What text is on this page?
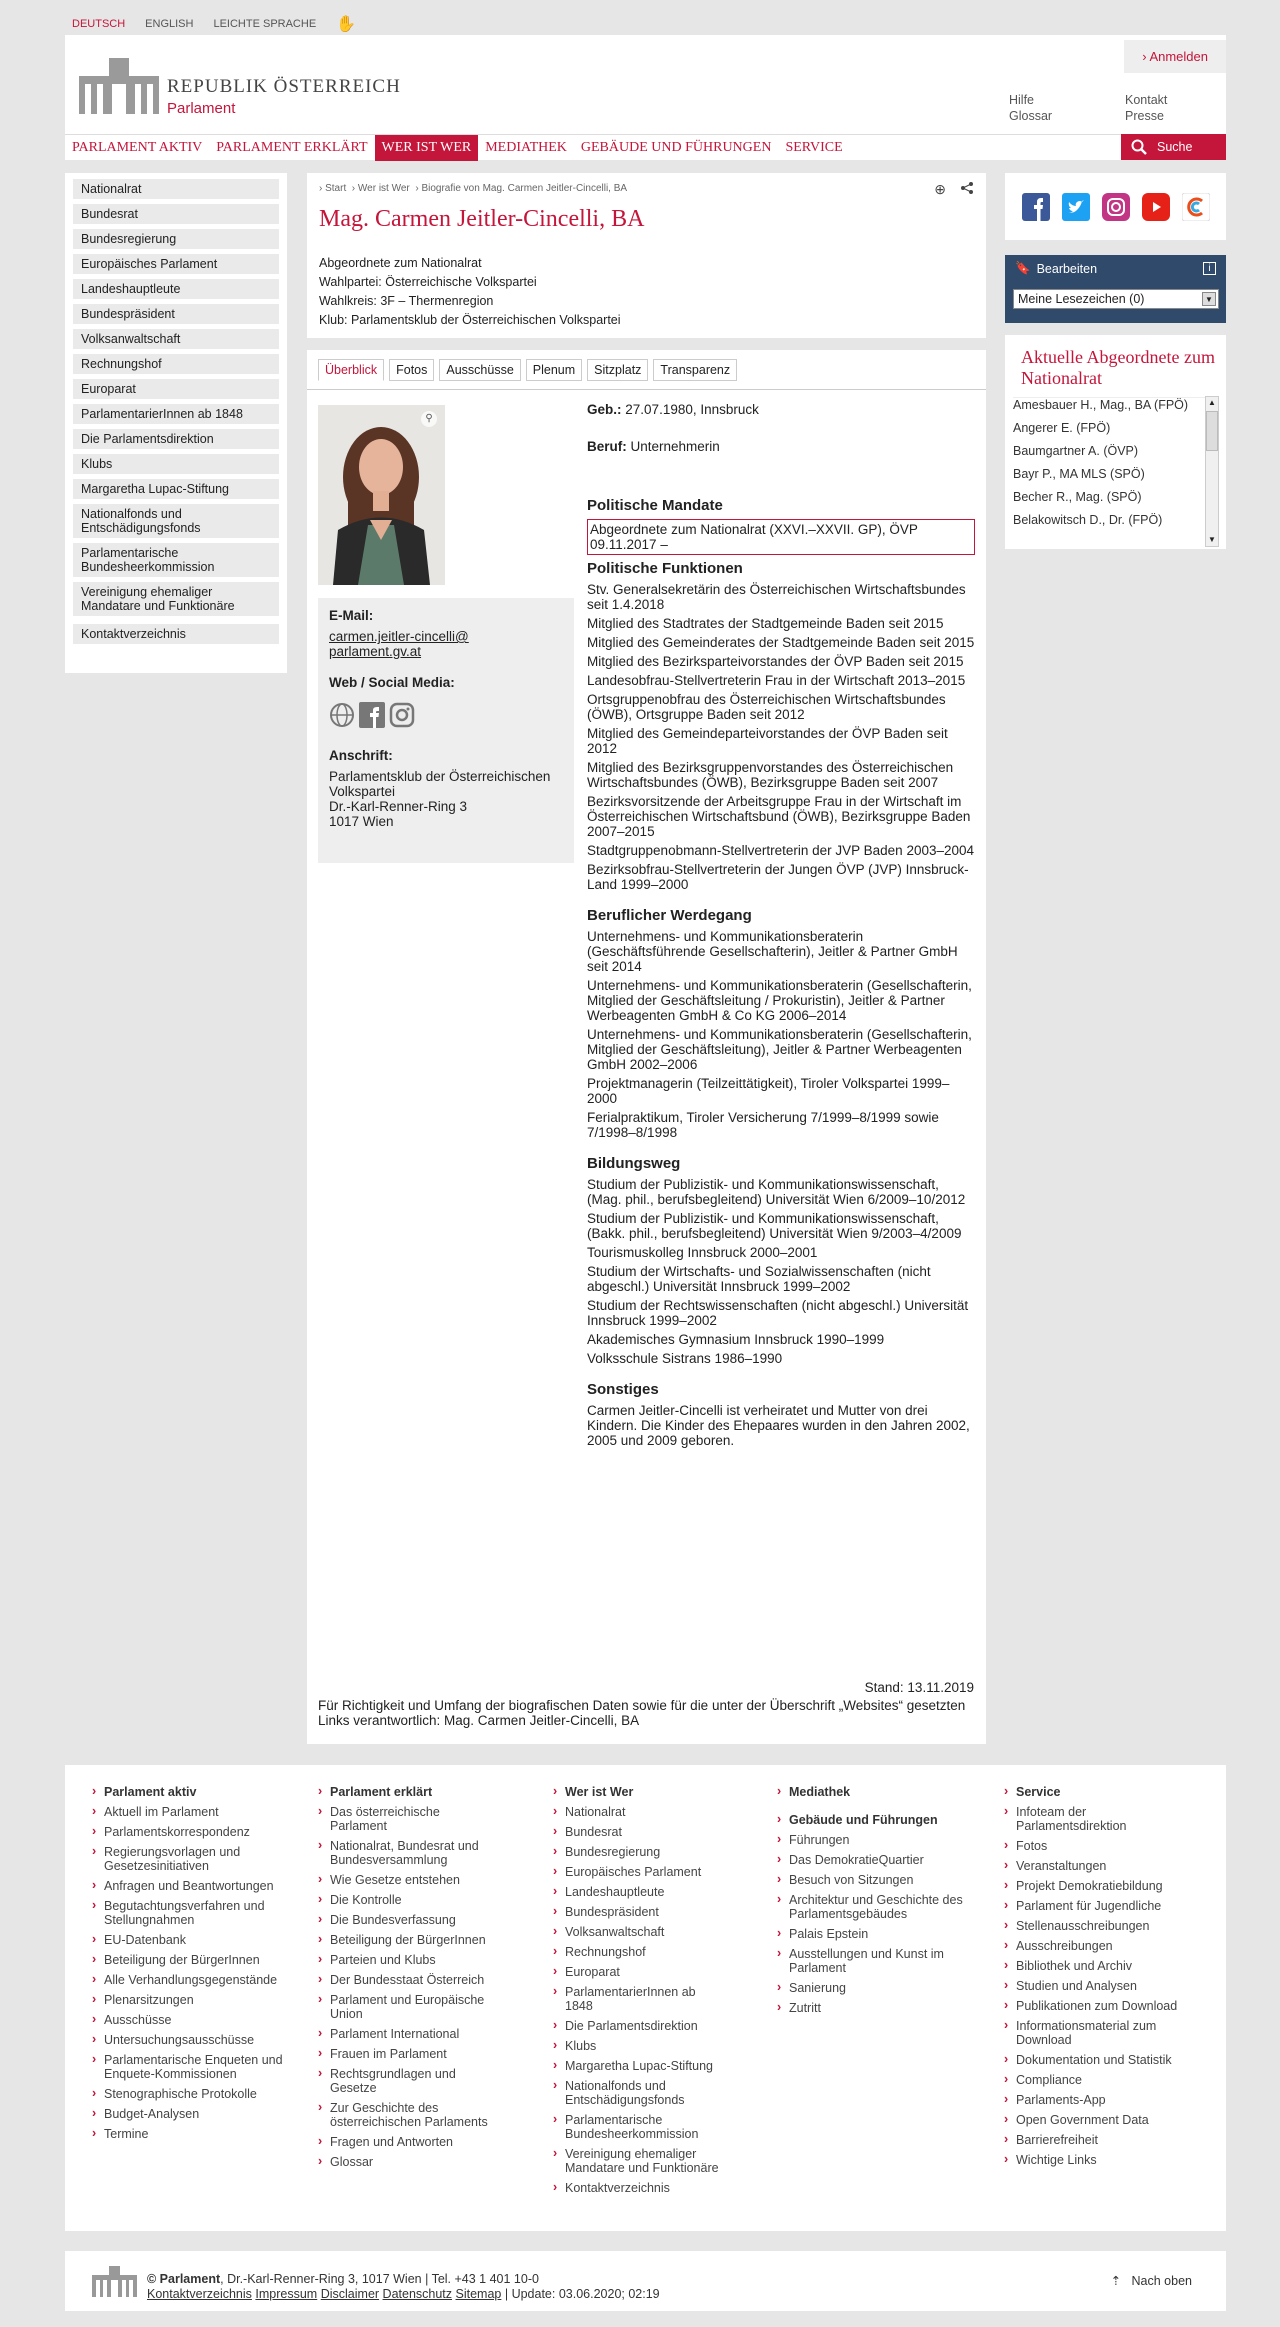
DEUTSCH ENGLISH LEICHTE SPRACHE ✋
REPUBLIK ÖSTERREICH
Parlament
› Anmelden
Hilfe	Kontakt
Glossar	Presse
PARLAMENT AKTIV	PARLAMENT ERKLÄRT	WER IST WER	MEDIATHEK	GEBÄUDE UND FÜHRUNGEN	SERVICE	Suche
Nationalrat
Bundesrat
Bundesregierung
Europäisches Parlament
Landeshauptleute
Bundespräsident
Volksanwaltschaft
Rechnungshof
Europarat
ParlamentarierInnen ab 1848
Die Parlamentsdirektion
Klubs
Margaretha Lupac-Stiftung
Nationalfonds und Entschädigungsfonds
Parlamentarische Bundesheerkommission
Vereinigung ehemaliger Mandatare und Funktionäre
Kontaktverzeichnis
› Start › Wer ist Wer › Biografie von Mag. Carmen Jeitler-Cincelli, BA	⊕
Mag. Carmen Jeitler-Cincelli, BA
Abgeordnete zum Nationalrat
Wahlpartei: Österreichische Volkspartei
Wahlkreis: 3F – Thermenregion
Klub: Parlamentsklub der Österreichischen Volkspartei
Überblick	Fotos	Ausschüsse	Plenum	Sitzplatz	Transparenz
⚲
E-Mail:

carmen.jeitler-cincelli@ parlament.gv.at

Web / Social Media:
Anschrift:

Parlamentsklub der Österreichischen Volkspartei

Dr.-Karl-Renner-Ring 3

1017 Wien

Geb.: 27.07.1980, Innsbruck
Beruf: Unternehmerin
Politische Mandate
Abgeordnete zum Nationalrat (XXVI.–XXVII. GP), ÖVP 09.11.2017 –
Politische Funktionen
Stv. Generalsekretärin des Österreichischen Wirtschaftsbundes seit 1.4.2018
Mitglied des Stadtrates der Stadtgemeinde Baden seit 2015
Mitglied des Gemeinderates der Stadtgemeinde Baden seit 2015
Mitglied des Bezirksparteivorstandes der ÖVP Baden seit 2015
Landesobfrau-Stellvertreterin Frau in der Wirtschaft 2013–2015
Ortsgruppenobfrau des Österreichischen Wirtschaftsbundes (ÖWB), Ortsgruppe Baden seit 2012
Mitglied des Gemeindeparteivorstandes der ÖVP Baden seit 2012
Mitglied des Bezirksgruppenvorstandes des Österreichischen Wirtschaftsbundes (ÖWB), Bezirksgruppe Baden seit 2007
Bezirksvorsitzende der Arbeitsgruppe Frau in der Wirtschaft im Österreichischen Wirtschaftsbund (ÖWB), Bezirksgruppe Baden 2007–2015
Stadtgruppenobmann-Stellvertreterin der JVP Baden 2003–2004
Bezirksobfrau-Stellvertreterin der Jungen ÖVP (JVP) Innsbruck-Land 1999–2000
Beruflicher Werdegang
Unternehmens- und Kommunikationsberaterin (Geschäftsführende Gesellschafterin), Jeitler & Partner GmbH seit 2014
Unternehmens- und Kommunikationsberaterin (Gesellschafterin, Mitglied der Geschäftsleitung / Prokuristin), Jeitler & Partner Werbeagenten GmbH & Co KG 2006–2014
Unternehmens- und Kommunikationsberaterin (Gesellschafterin, Mitglied der Geschäftsleitung), Jeitler & Partner Werbeagenten GmbH 2002–2006
Projektmanagerin (Teilzeittätigkeit), Tiroler Volkspartei 1999–2000
Ferialpraktikum, Tiroler Versicherung 7/1999–8/1999 sowie 7/1998–8/1998
Bildungsweg
Studium der Publizistik- und Kommunikationswissenschaft, (Mag. phil., berufsbegleitend) Universität Wien 6/2009–10/2012
Studium der Publizistik- und Kommunikationswissenschaft, (Bakk. phil., berufsbegleitend) Universität Wien 9/2003–4/2009
Tourismuskolleg Innsbruck 2000–2001
Studium der Wirtschafts- und Sozialwissenschaften (nicht abgeschl.) Universität Innsbruck 1999–2002
Studium der Rechtswissenschaften (nicht abgeschl.) Universität Innsbruck 1999–2002
Akademisches Gymnasium Innsbruck 1990–1999
Volksschule Sistrans 1986–1990
Sonstiges
Carmen Jeitler-Cincelli ist verheiratet und Mutter von drei Kindern. Die Kinder des Ehepaares wurden in den Jahren 2002, 2005 und 2009 geboren.
Stand: 13.11.2019
Für Richtigkeit und Umfang der biografischen Daten sowie für die unter der Überschrift „Websites“ gesetzten Links verantwortlich: Mag. Carmen Jeitler-Cincelli, BA
🔖 Bearbeiten	i
Meine Lesezeichen (0)	▼
Aktuelle Abgeordnete zum Nationalrat
Amesbauer H., Mag., BA (FPÖ)
Angerer E. (FPÖ)
Baumgartner A. (ÖVP)
Bayr P., MA MLS (SPÖ)
Becher R., Mag. (SPÖ)
Belakowitsch D., Dr. (FPÖ)
▲
▼
› Parlament aktiv
› Aktuell im Parlament
› Parlamentskorrespondenz
› Regierungsvorlagen und Gesetzesinitiativen
› Anfragen und Beantwortungen
› Begutachtungsverfahren und Stellungnahmen
› EU-Datenbank
› Beteiligung der BürgerInnen
› Alle Verhandlungsgegenstände
› Plenarsitzungen
› Ausschüsse
› Untersuchungsausschüsse
› Parlamentarische Enqueten und Enquete-Kommissionen
› Stenographische Protokolle
› Budget-Analysen
› Termine
› Parlament erklärt
› Das österreichische Parlament
› Nationalrat, Bundesrat und Bundesversammlung
› Wie Gesetze entstehen
› Die Kontrolle
› Die Bundesverfassung
› Beteiligung der BürgerInnen
› Parteien und Klubs
› Der Bundesstaat Österreich
› Parlament und Europäische Union
› Parlament International
› Frauen im Parlament
› Rechtsgrundlagen und Gesetze
› Zur Geschichte des österreichischen Parlaments
› Fragen und Antworten
› Glossar
› Wer ist Wer
› Nationalrat
› Bundesrat
› Bundesregierung
› Europäisches Parlament
› Landeshauptleute
› Bundespräsident
› Volksanwaltschaft
› Rechnungshof
› Europarat
› ParlamentarierInnen ab 1848
› Die Parlamentsdirektion
› Klubs
› Margaretha Lupac-Stiftung
› Nationalfonds und Entschädigungsfonds
› Parlamentarische Bundesheerkommission
› Vereinigung ehemaliger Mandatare und Funktionäre
› Kontaktverzeichnis
› Mediathek
› Gebäude und Führungen
› Führungen
› Das DemokratieQuartier
› Besuch von Sitzungen
› Architektur und Geschichte des Parlamentsgebäudes
› Palais Epstein
› Ausstellungen und Kunst im Parlament
› Sanierung
› Zutritt
› Service
› Infoteam der Parlamentsdirektion
› Fotos
› Veranstaltungen
› Projekt Demokratiebildung
› Parlament für Jugendliche
› Stellenausschreibungen
› Ausschreibungen
› Bibliothek und Archiv
› Studien und Analysen
› Publikationen zum Download
› Informationsmaterial zum Download
› Dokumentation und Statistik
› Compliance
› Parlaments-App
› Open Government Data
› Barrierefreiheit
› Wichtige Links
© Parlament, Dr.-Karl-Renner-Ring 3, 1017 Wien | Tel. +43 1 401 10-0
Kontaktverzeichnis Impressum Disclaimer Datenschutz Sitemap | Update: 03.06.2020; 02:19
⇡   Nach oben
